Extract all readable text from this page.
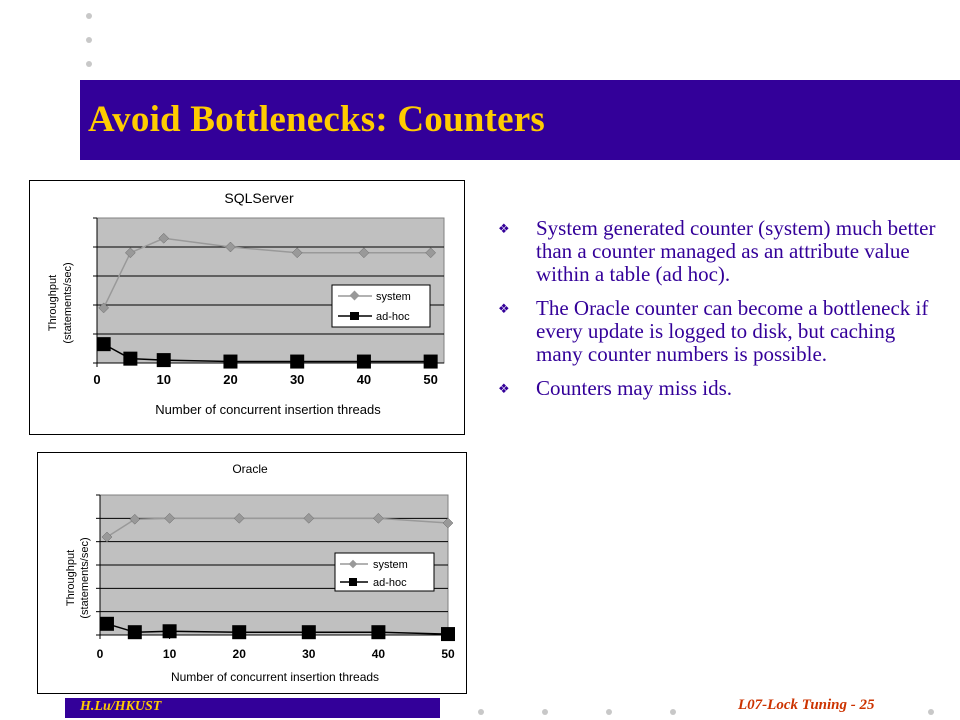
Avoid Bottlenecks: Counters
SQLServer
0	10	20	30	40	50
Throughput (statements/sec)
Number of concurrent insertion threads
system
ad-hoc
Oracle
0	10	20	30	40	50
Throughput (statements/sec)
Number of concurrent insertion threads
system
ad-hoc
❖ System generated counter (system) much better than a counter managed as an attribute value within a table (ad hoc).
❖ The Oracle counter can become a bottleneck if every update is logged to disk, but caching many counter numbers is possible.
❖ Counters may miss ids.
H.Lu/HKUST	L07-Lock Tuning - 25
